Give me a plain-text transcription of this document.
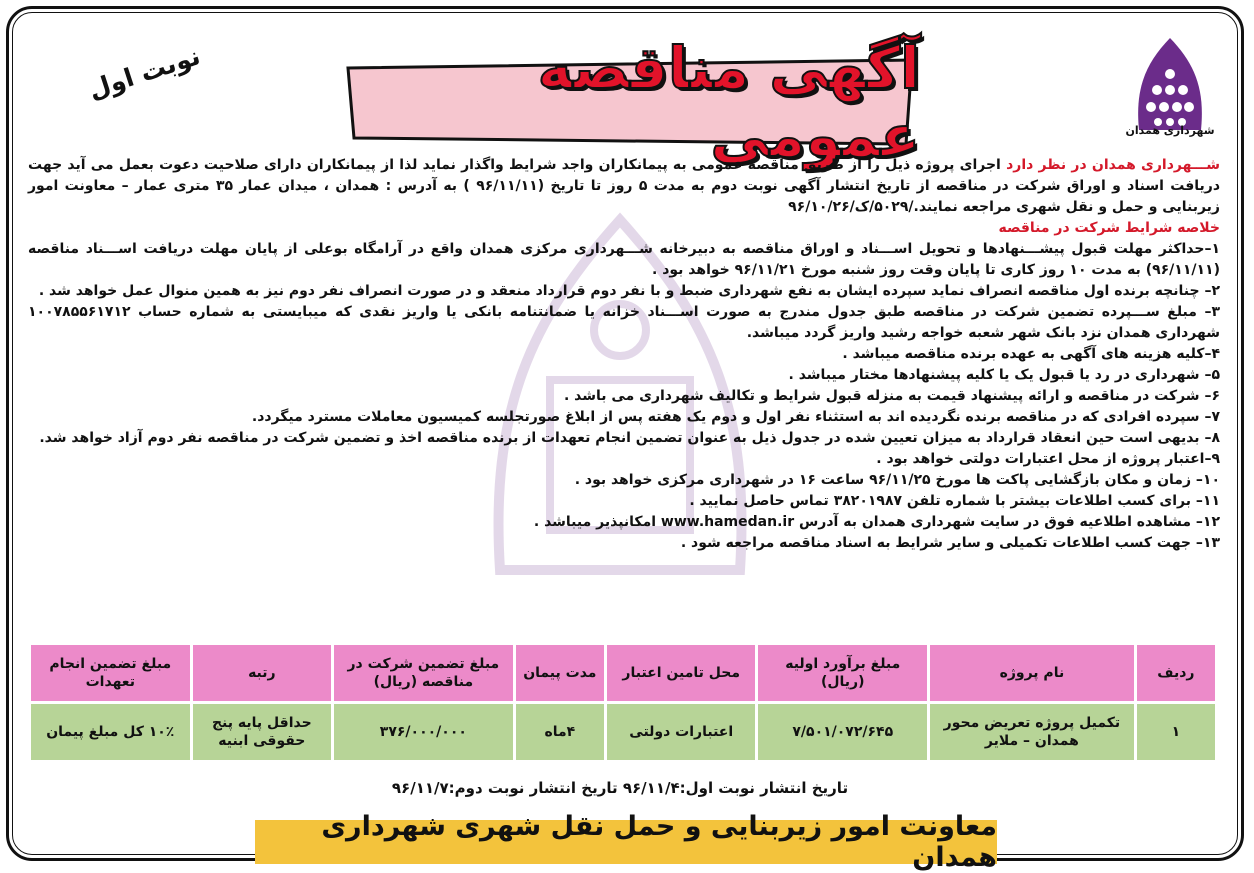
شهرداری همدان
نوبت اول	آگهی مناقصه عمومی	شـــهرداری همدان در نظر دارد اجرای پروژه ذیل را از طریق مناقصه عمومی به پیمانکاران واجد شرایط واگذار نماید لذا از پیمانکاران دارای صلاحیت دعوت بعمل می آید جهت دریافت اسناد و اوراق شرکت در مناقصه از تاریخ انتشار آگهی نوبت دوم به مدت ۵ روز تا تاریخ (۹۶/۱۱/۱۱ ) به آدرس : همدان ، میدان عمار ۳۵ متری عمار – معاونت امور زیربنایی و حمل و نقل شهری مراجعه نمایند./۵۰۲۹/ک/۹۶/۱۰/۲۶

خلاصه شرایط شرکت در مناقصه

۱–حداکثر مهلت قبول پیشـــنهادها و تحویل اســـناد و اوراق مناقصه به دبیرخانه شـــهرداری مرکزی همدان واقع در آرامگاه بوعلی از پایان مهلت دریافت اســـناد مناقصه (۹۶/۱۱/۱۱) به مدت ۱۰ روز کاری تا پایان وقت روز شنبه مورخ ۹۶/۱۱/۲۱ خواهد بود .

۲– چنانچه برنده اول مناقصه انصراف نماید سپرده ایشان به نفع شهرداری ضبط و با نفر دوم قرارداد منعقد و در صورت انصراف نفر دوم نیز به همین منوال عمل خواهد شد .

۳– مبلغ ســـپرده تضمین شرکت در مناقصه طبق جدول مندرج به صورت اســـناد خزانه یا ضمانتنامه بانکی یا واریز نقدی که میبایستی به شماره حساب ۱۰۰۷۸۵۵۶۱۷۱۲ شهرداری همدان نزد بانک شهر شعبه خواجه رشید واریز گردد میباشد.

۴–کلیه هزینه های آگهی به عهده برنده مناقصه میباشد .

۵– شهرداری در رد یا قبول یک یا کلیه پیشنهادها مختار میباشد .

۶– شرکت در مناقصه و ارائه پیشنهاد قیمت به منزله قبول شرایط و تکالیف شهرداری می باشد .

۷– سپرده افرادی که در مناقصه برنده نگردیده اند به استثناء نفر اول و دوم یک هفته پس از ابلاغ صورتجلسه کمیسیون معاملات مسترد میگردد.

۸– بدیهی است حین انعقاد قرارداد به میزان تعیین شده در جدول ذیل به عنوان تضمین انجام تعهدات از برنده مناقصه اخذ و تضمین شرکت در مناقصه نفر دوم آزاد خواهد شد.

۹–اعتبار پروژه از محل اعتبارات دولتی خواهد بود .

۱۰– زمان و مکان بازگشایی پاکت ها مورخ ۹۶/۱۱/۲۵ ساعت ۱۶ در شهرداری مرکزی خواهد بود .

۱۱– برای کسب اطلاعات بیشتر با شماره تلفن ۳۸۲۰۱۹۸۷ تماس حاصل نمایید .

۱۲– مشاهده اطلاعیه فوق در سایت شهرداری همدان به آدرس www.hamedan.ir امکانپذیر میباشد .

۱۳– جهت کسب اطلاعات تکمیلی و سایر شرایط به اسناد مناقصه مراجعه شود .

ردیف	نام پروژه	مبلغ برآورد اولیه (ریال)	محل تامین اعتبار	مدت پیمان	مبلغ تضمین شرکت در مناقصه (ریال)	رتبه	مبلغ تضمین انجام تعهدات
۱	تکمیل پروژه تعریض محور همدان – ملایر	۷/۵۰۱/۰۷۲/۶۴۵	اعتبارات دولتی	۴ماه	۳۷۶/۰۰۰/۰۰۰	حداقل پایه پنج حقوقی ابنیه	۱۰٪ کل مبلغ پیمان
تاریخ انتشار نوبت اول:۹۶/۱۱/۴ تاریخ انتشار نوبت دوم:۹۶/۱۱/۷
معاونت امور زیربنایی و حمل نقل شهری شهرداری همدان
